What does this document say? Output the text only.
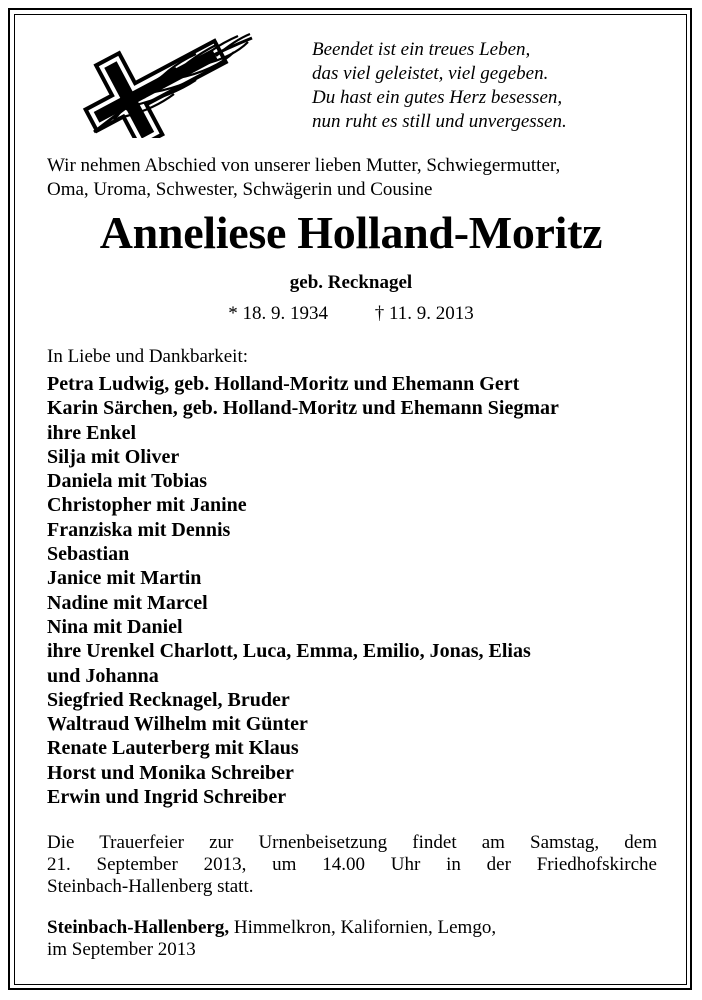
Beendet ist ein treues Leben,
das viel geleistet, viel gegeben.
Du hast ein gutes Herz besessen,
nun ruht es still und unvergessen.
Wir nehmen Abschied von unserer lieben Mutter, Schwiegermutter,
Oma, Uroma, Schwester, Schwägerin und Cousine
Anneliese Holland-Moritz
geb. Recknagel
* 18. 9. 1934 † 11. 9. 2013
In Liebe und Dankbarkeit:
Petra Ludwig, geb. Holland-Moritz und Ehemann Gert
Karin Särchen, geb. Holland-Moritz und Ehemann Siegmar
ihre Enkel
Silja mit Oliver
Daniela mit Tobias
Christopher mit Janine
Franziska mit Dennis
Sebastian
Janice mit Martin
Nadine mit Marcel
Nina mit Daniel
ihre Urenkel Charlott, Luca, Emma, Emilio, Jonas, Elias
und Johanna
Siegfried Recknagel, Bruder
Waltraud Wilhelm mit Günter
Renate Lauterberg mit Klaus
Horst und Monika Schreiber
Erwin und Ingrid Schreiber
Die Trauerfeier zur Urnenbeisetzung findet am Samstag, dem
21. September 2013, um 14.00 Uhr in der Friedhofskirche
Steinbach-Hallenberg statt.
Steinbach-Hallenberg, Himmelkron, Kalifornien, Lemgo,
im September 2013
